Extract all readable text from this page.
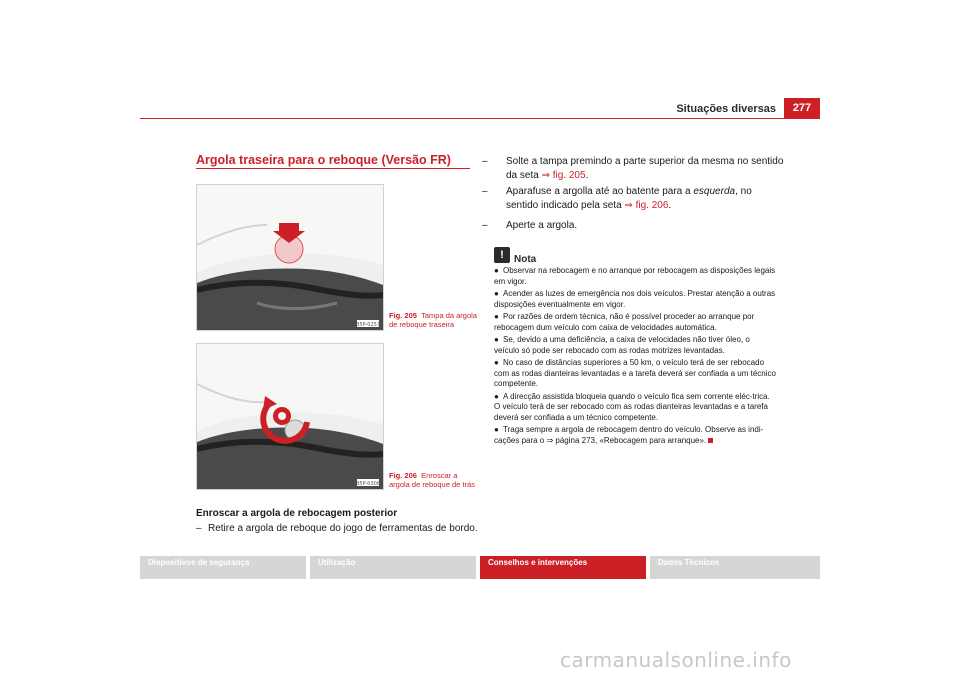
Situações diversas	277
Argola traseira para o reboque (Versão FR)
B5P-0257
Fig. 205 Tampa da argola de reboque traseira
B5P-0308
Fig. 206 Enroscar a argola de reboque de trás
Enroscar a argola de rebocagem posterior
– Retire a argola de reboque do jogo de ferramentas de bordo.
– Solte a tampa premindo a parte superior da mesma no sentido da seta ⇒ fig. 205.
– Aparafuse a argolla até ao batente para a esquerda, no sentido indicado pela seta ⇒ fig. 206.
– Aperte a argola.
!	Nota
● Observar na rebocagem e no arranque por rebocagem as disposições legais em vigor.
● Acender as luzes de emergência nos dois veículos. Prestar atenção a outras disposições eventualmente em vigor.
● Por razões de ordem técnica, não é possível proceder ao arranque por rebocagem dum veículo com caixa de velocidades automática.
● Se, devido a uma deficiência, a caixa de velocidades não tiver óleo, o veículo só pode ser rebocado com as rodas motrizes levantadas.
● No caso de distâncias superiores a 50 km, o veículo terá de ser rebocado com as rodas dianteiras levantadas e a tarefa deverá ser confiada a um técnico competente.
● A direcção assistida bloqueia quando o veículo fica sem corrente eléc-trica. O veículo terá de ser rebocado com as rodas dianteiras levantadas e a tarefa deverá ser confiada a um técnico competente.
● Traga sempre a argola de rebocagem dentro do veículo. Observe as indi-cações para o ⇒ página 273, «Rebocagem para arranque».
Dispositivos de segurança	Utilização	Conselhos e intervenções	Dados Técnicos
carmanualsonline.info
